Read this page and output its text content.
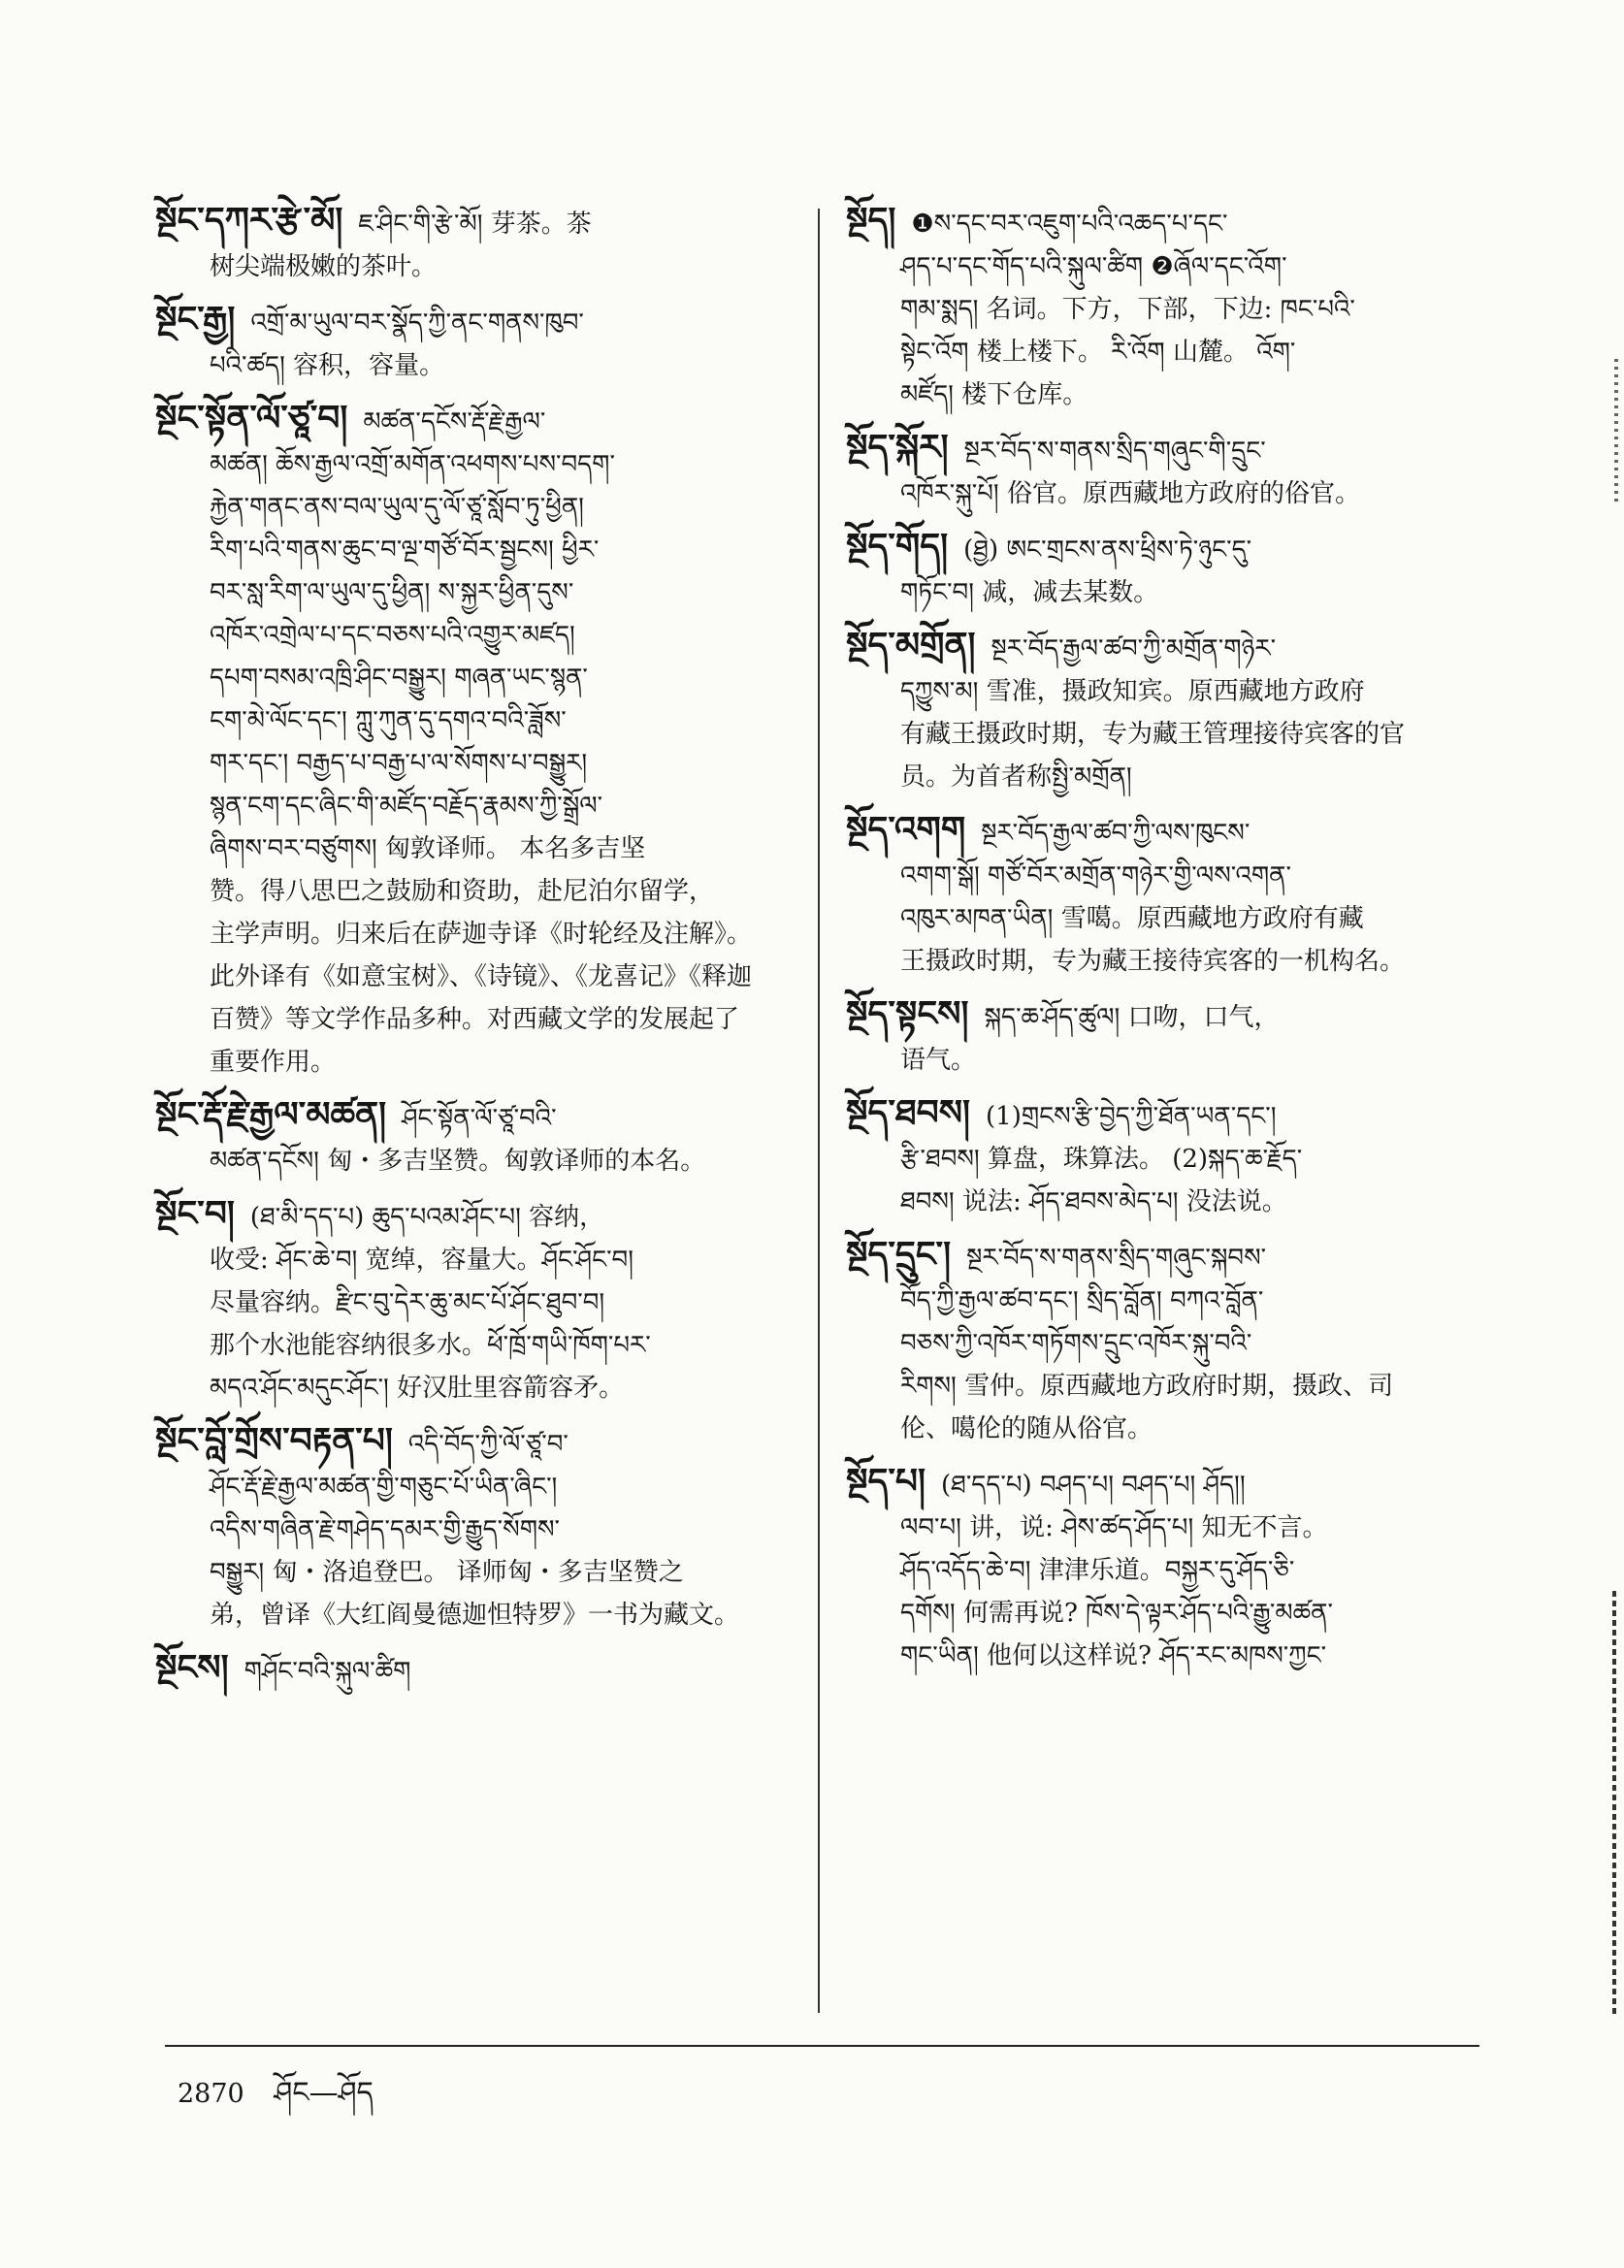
སྔོང་དཀར་རྩེ་མོ། ཇ་ཤིང་གི་རྩེ་མོ། 芽茶。茶

树尖端极嫩的茶叶。

སྔོང་རྒྱ། འགྲོ་མ་ཡུལ་བར་སྣོད་ཀྱི་ནང་གནས་ཁུབ་

པའི་ཚད། 容积，容量。

སྔོང་སྟོན་ལོ་ཙཱ་བ། མཚན་དངོས་རྡོ་རྗེ་རྒྱལ་

མཚན། ཆོས་རྒྱལ་འགྲོ་མགོན་འཕགས་པས་བདག་

རྐྱེན་གནང་ནས་བལ་ཡུལ་དུ་ལོ་ཙཱ་སློབ་ཏུ་ཕྱིན།

རིག་པའི་གནས་ཆུང་བ་ལྔ་གཙོ་བོར་སྦྱངས། ཕྱིར་

བར་སླ་རིག་ལ་ཡུལ་དུ་ཕྱིན། ས་སྐྱར་ཕྱིན་དུས་

འཁོར་འགྲེལ་པ་དང་བཅས་པའི་འགྱུར་མཛད།

དཔག་བསམ་འཁྲི་ཤིང་བསྒྱུར། གཞན་ཡང་སྙན་

ངག་མེ་ལོང་དང་། ཀླུ་ཀུན་དུ་དགའ་བའི་ཟློས་

གར་དང་། བརྒྱད་པ་བརྒྱ་པ་ལ་སོགས་པ་བསྒྱུར།

སྙན་ངག་དང་ཞིང་གི་མཛོད་བརྗོད་རྣམས་ཀྱི་སྒྲོལ་

ཞིགས་བར་བཙུགས། 匈敦译师。 本名多吉坚

赞。得八思巴之鼓励和资助，赴尼泊尔留学，

主学声明。归来后在萨迦寺译《时轮经及注解》。

此外译有《如意宝树》、《诗镜》、《龙喜记》《释迦

百赞》等文学作品多种。对西藏文学的发展起了

重要作用。

སྔོང་རྡོ་རྗེ་རྒྱལ་མཚན། ཤོང་སྟོན་ལོ་ཙཱ་བའི་

མཚན་དངོས། 匈・多吉坚赞。匈敦译师的本名。

སྔོང་བ། (ཐ་མི་དད་པ) ཆུད་པའམ་ཤོང་པ། 容纳，

收受: ཤོང་ཆེ་བ། 宽绰，容量大。ཤོང་ཤོང་བ།

尽量容纳。རྫིང་བུ་དེར་ཆུ་མང་པོ་ཤོང་ཐུབ་བ།

那个水池能容纳很多水。ཕོ་ཁྲོ་གཡི་ཁོག་པར་

མདའ་ཤོང་མདུང་ཤོང་། 好汉肚里容箭容矛。

སྔོང་བློ་གྲོས་བརྟན་པ། འདི་བོད་ཀྱི་ལོ་ཙཱ་བ་

ཤོང་རྡོ་རྗེ་རྒྱལ་མཚན་གྱི་གཅུང་པོ་ཡིན་ཞིང་།

འདིས་གཞིན་རྗེ་གཤེད་དམར་གྱི་རྒྱུད་སོགས་

བསྒྱུར། 匈・洛追登巴。 译师匈・多吉坚赞之

弟，曾译《大红阎曼德迦怛特罗》一书为藏文。

སྔོངས། གཤོང་བའི་སྐུལ་ཚིག

སྔོད། ❶ས་དང་བར་འཇུག་པའི་འཆད་པ་དང་

ཤད་པ་དང་གོད་པའི་སྐུལ་ཚིག ❷ཞོལ་དང་འོག་

གམ་སྨད། 名词。下方，下部，下边: ཁང་པའི་

སྟེང་འོག 楼上楼下。 རི་འོག 山麓。 འོག་

མཛོད། 楼下仓库。

སྔོད་སྐོར། སྔར་བོད་ས་གནས་སྲིད་གཞུང་གི་དྲུང་

འཁོར་སྐུ་པོ། 俗官。原西藏地方政府的俗官。

སྔོད་གོད། (ཐྱེ) ཨང་གྲངས་ནས་ཕྲིས་ཏེ་ཉུང་དུ་

གཏོང་བ། 减，减去某数。

སྔོད་མགྲོན། སྔར་བོད་རྒྱལ་ཚབ་ཀྱི་མགྲོན་གཉེར་

དཀྱུས་མ། 雪准，摄政知宾。原西藏地方政府

有藏王摄政时期，专为藏王管理接待宾客的官

员。为首者称སྤྱི་མགྲོན།

སྔོད་འགག སྔར་བོད་རྒྱལ་ཚབ་ཀྱི་ལས་ཁུངས་

འགག་སྒོ། གཙོ་བོར་མགྲོན་གཉེར་གྱི་ལས་འགན་

འཁུར་མཁན་ཡིན། 雪噶。原西藏地方政府有藏

王摄政时期，专为藏王接待宾客的一机构名。

སྔོད་སྟངས། སྐད་ཆ་ཤོད་ཚུལ། 口吻，口气，

语气。

སྔོད་ཐབས། (1)གྲངས་རྩི་བྱེད་ཀྱི་ཐོན་ཡན་དང་།

རྩི་ཐབས། 算盘，珠算法。 (2)སྐད་ཆ་རྗོད་

ཐབས། 说法: ཤོད་ཐབས་མེད་པ། 没法说。

སྔོད་དྲུང་། སྔར་བོད་ས་གནས་སྲིད་གཞུང་སྐབས་

བོད་ཀྱི་རྒྱལ་ཚབ་དང་། སྲིད་བློན། བཀའ་བློན་

བཅས་ཀྱི་འཁོར་གཏོགས་དྲུང་འཁོར་སྐུ་བའི་

རིགས། 雪仲。原西藏地方政府时期，摄政、司

伦、噶伦的随从俗官。

སྔོད་པ། (ཐ་དད་པ) བཤད་པ། བཤད་པ། ཤོད།།

ལབ་པ། 讲，说: ཤེས་ཚད་ཤོད་པ། 知无不言。

ཤོད་འདོད་ཆེ་བ། 津津乐道。བསྐྱར་དུ་ཤོད་ཅི་

དགོས། 何需再说? ཁོས་དེ་ལྟར་ཤོད་པའི་རྒྱུ་མཚན་

གང་ཡིན། 他何以这样说? ཤོད་རང་མཁས་ཀྱང་

2870 ཤོང—ཤོད
